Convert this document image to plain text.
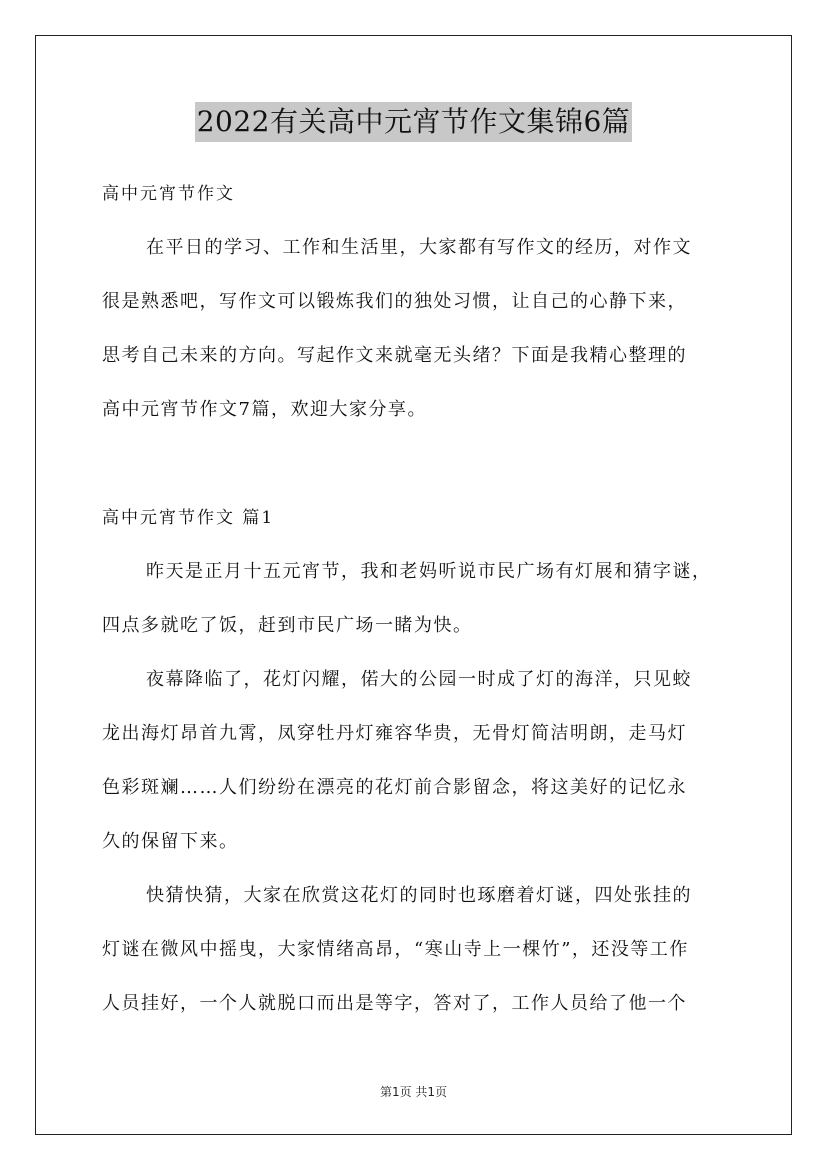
2022有关高中元宵节作文集锦6篇
高中元宵节作文
在平日的学习、工作和生活里，大家都有写作文的经历，对作文
很是熟悉吧，写作文可以锻炼我们的独处习惯，让自己的心静下来，
思考自己未来的方向。写起作文来就毫无头绪？下面是我精心整理的
高中元宵节作文7篇，欢迎大家分享。
高中元宵节作文 篇1
昨天是正月十五元宵节，我和老妈听说市民广场有灯展和猜字谜，
四点多就吃了饭，赶到市民广场一睹为快。
夜幕降临了，花灯闪耀，偌大的公园一时成了灯的海洋，只见蛟
龙出海灯昂首九霄，凤穿牡丹灯雍容华贵，无骨灯简洁明朗，走马灯
色彩斑斓……人们纷纷在漂亮的花灯前合影留念，将这美好的记忆永
久的保留下来。
快猜快猜，大家在欣赏这花灯的同时也琢磨着灯谜，四处张挂的
灯谜在微风中摇曳，大家情绪高昂，“寒山寺上一棵竹”，还没等工作
人员挂好，一个人就脱口而出是等字，答对了，工作人员给了他一个
第1页 共1页
